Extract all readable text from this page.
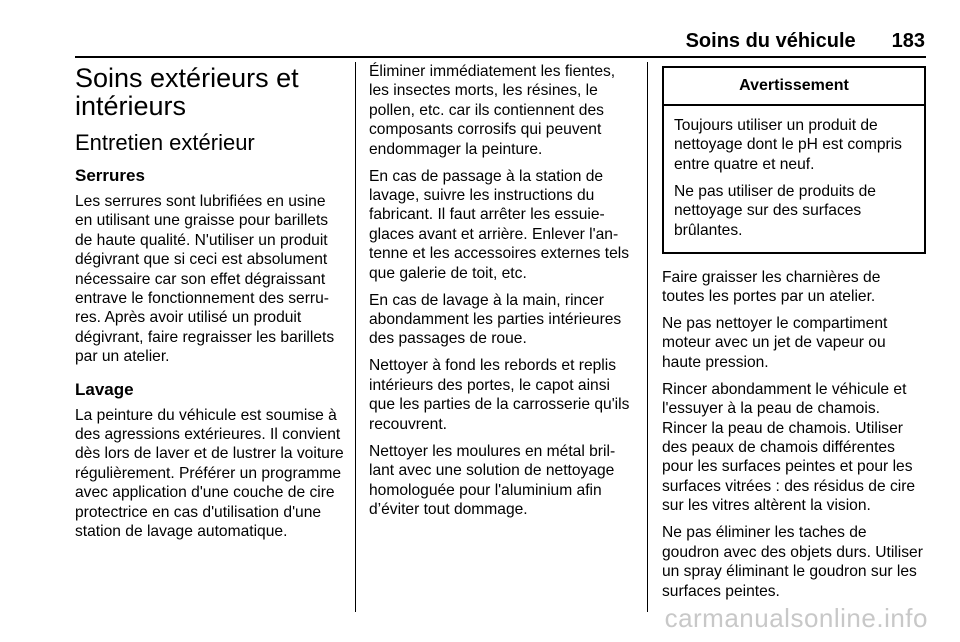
Soins du véhicule 183
Soins extérieurs et intérieurs
Entretien extérieur
Serrures

Les serrures sont lubrifiées en usine en utilisant une graisse pour barillets de haute qualité. N'utiliser un produit dégivrant que si ceci est absolument nécessaire car son effet dégraissant entrave le fonctionnement des serrures. Après avoir utilisé un produit dégivrant, faire regraisser les barillets par un atelier.

Lavage

La peinture du véhicule est soumise à des agressions extérieures. Il convient dès lors de laver et de lustrer la voiture régulièrement. Préférer un programme avec application d'une couche de cire protectrice en cas d'utilisation d'une station de lavage automatique.

Éliminer immédiatement les fientes, les insectes morts, les résines, le pollen, etc. car ils contiennent des composants corrosifs qui peuvent endommager la peinture.

En cas de passage à la station de lavage, suivre les instructions du fabricant. Il faut arrêter les essuie-glaces avant et arrière. Enlever l'antenne et les accessoires externes tels que galerie de toit, etc.

En cas de lavage à la main, rincer abondamment les parties intérieures des passages de roue.

Nettoyer à fond les rebords et replis intérieurs des portes, le capot ainsi que les parties de la carrosserie qu'ils recouvrent.

Nettoyer les moulures en métal brillant avec une solution de nettoyage homologuée pour l'aluminium afin d’éviter tout dommage.

Avertissement

Toujours utiliser un produit de nettoyage dont le pH est compris entre quatre et neuf.

Ne pas utiliser de produits de nettoyage sur des surfaces brûlantes.

Faire graisser les charnières de toutes les portes par un atelier.

Ne pas nettoyer le compartiment moteur avec un jet de vapeur ou haute pression.

Rincer abondamment le véhicule et l'essuyer à la peau de chamois. Rincer la peau de chamois. Utiliser des peaux de chamois différentes pour les surfaces peintes et pour les surfaces vitrées : des résidus de cire sur les vitres altèrent la vision.

Ne pas éliminer les taches de goudron avec des objets durs. Utiliser un spray éliminant le goudron sur les surfaces peintes.

carmanualsonline.info
